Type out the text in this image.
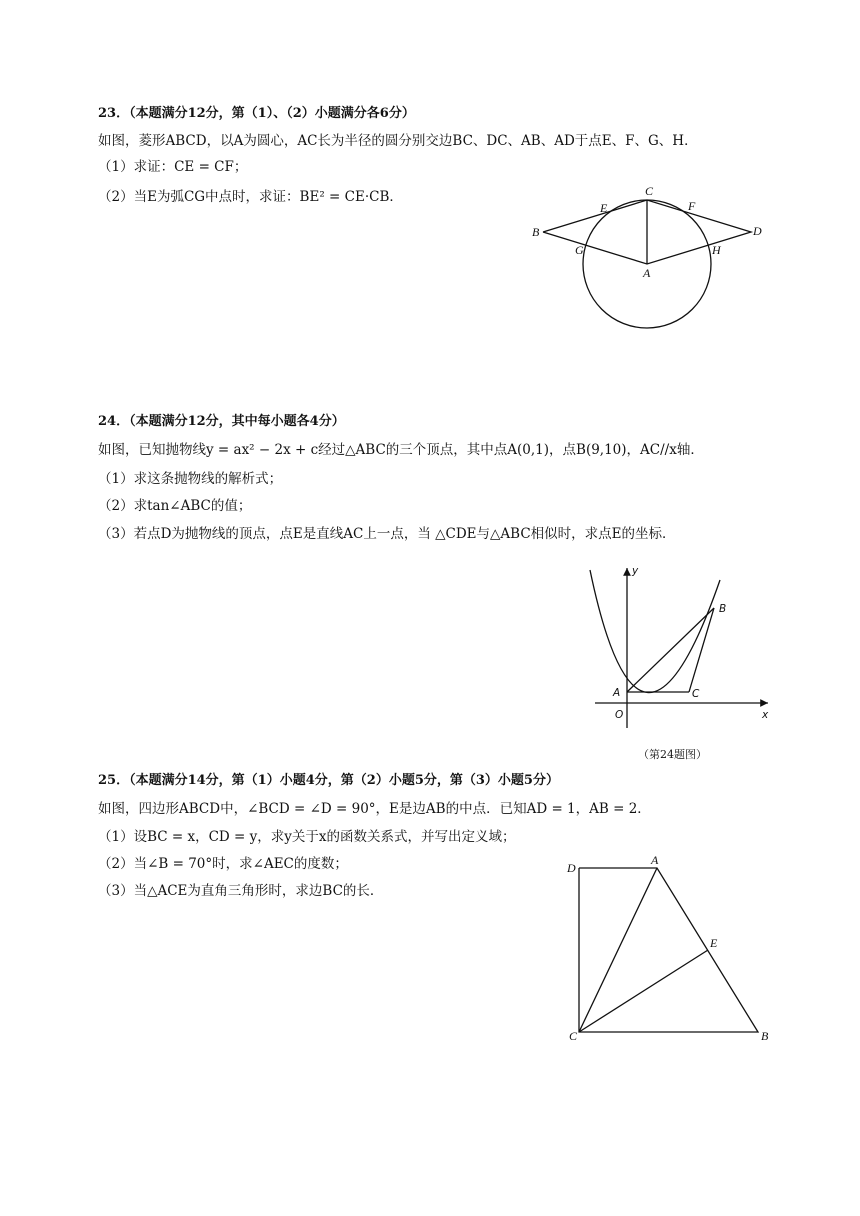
23．（本题满分12分，第（1）、（2）小题满分各6分）
如图，菱形ABCD，以A为圆心，AC长为半径的圆分别交边BC、DC、AB、AD于点E、F、G、H．
（1）求证：CE = CF；
（2）当E为弧CG中点时，求证：BE² = CE·CB．	C
B	D
A
E	F
G	H
24．（本题满分12分，其中每小题各4分）
如图，已知抛物线y = ax² − 2x + c经过△ABC的三个顶点，其中点A(0,1)，点B(9,10)，AC//x轴．
（1）求这条抛物线的解析式；
（2）求tan∠ABC的值；
（3）若点D为抛物线的顶点，点E是直线AC上一点，当 △CDE与△ABC相似时，求点E的坐标．
y
x
O
A	C
B
（第24题图）
25．（本题满分14分，第（1）小题4分，第（2）小题5分，第（3）小题5分）
如图，四边形ABCD中，∠BCD = ∠D = 90°，E是边AB的中点．已知AD = 1，AB = 2．
（1）设BC = x，CD = y，求y关于x的函数关系式，并写出定义域；
（2）当∠B = 70°时，求∠AEC的度数；
（3）当△ACE为直角三角形时，求边BC的长．
D
A
E
C	B
